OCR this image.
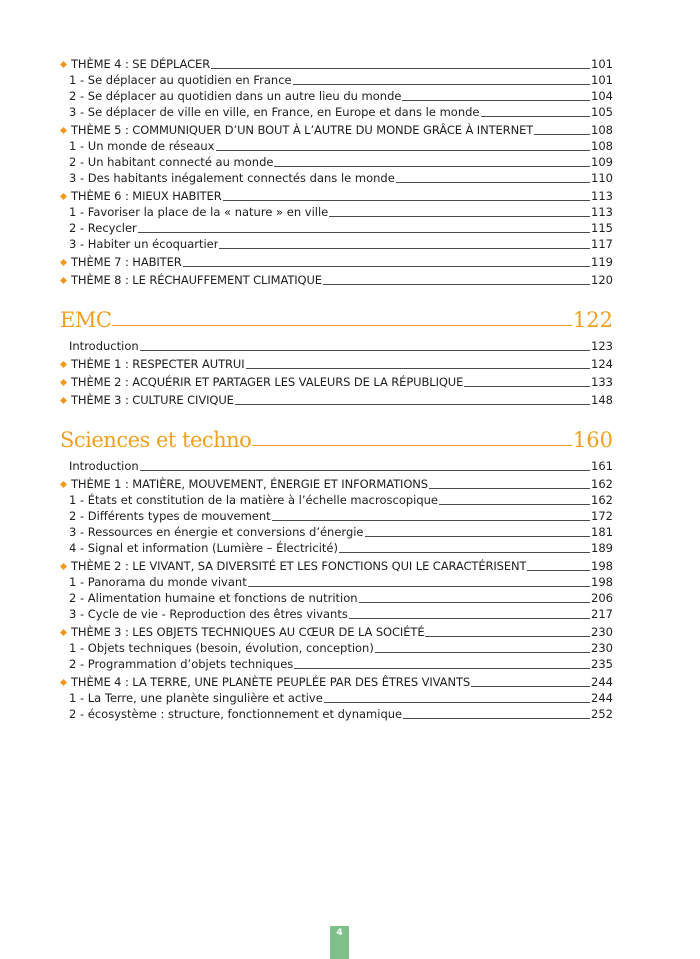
THÈME 4 : SE DÉPLACER	101
1 - Se déplacer au quotidien en France	101
2 - Se déplacer au quotidien dans un autre lieu du monde	104
3 - Se déplacer de ville en ville, en France, en Europe et dans le monde	105
THÈME 5 : COMMUNIQUER D’UN BOUT À L’AUTRE DU MONDE GRÂCE À INTERNET	108
1 - Un monde de réseaux	108
2 - Un habitant connecté au monde	109
3 - Des habitants inégalement connectés dans le monde	110
THÈME 6 : MIEUX HABITER	113
1 - Favoriser la place de la « nature » en ville	113
2 - Recycler	115
3 - Habiter un écoquartier	117
THÈME 7 : HABITER	119
THÈME 8 : LE RÉCHAUFFEMENT CLIMATIQUE	120
EMC	122
Introduction	123
THÈME 1 : RESPECTER AUTRUI	124
THÈME 2 : ACQUÉRIR ET PARTAGER LES VALEURS DE LA RÉPUBLIQUE	133
THÈME 3 : CULTURE CIVIQUE	148
Sciences et techno	160
Introduction	161
THÈME 1 : MATIÈRE, MOUVEMENT, ÉNERGIE ET INFORMATIONS	162
1 - États et constitution de la matière à l’échelle macroscopique	162
2 - Différents types de mouvement	172
3 - Ressources en énergie et conversions d’énergie	181
4 - Signal et information (Lumière – Électricité)	189
THÈME 2 : LE VIVANT, SA DIVERSITÉ ET LES FONCTIONS QUI LE CARACTÉRISENT	198
1 - Panorama du monde vivant	198
2 - Alimentation humaine et fonctions de nutrition	206
3 - Cycle de vie - Reproduction des êtres vivants	217
THÈME 3 : LES OBJETS TECHNIQUES AU CŒUR DE LA SOCIÉTÉ	230
1 - Objets techniques (besoin, évolution, conception)	230
2 - Programmation d’objets techniques	235
THÈME 4 : LA TERRE, UNE PLANÈTE PEUPLÉE PAR DES ÊTRES VIVANTS	244
1 - La Terre, une planète singulière et active	244
2 - écosystème : structure, fonctionnement et dynamique	252
4
